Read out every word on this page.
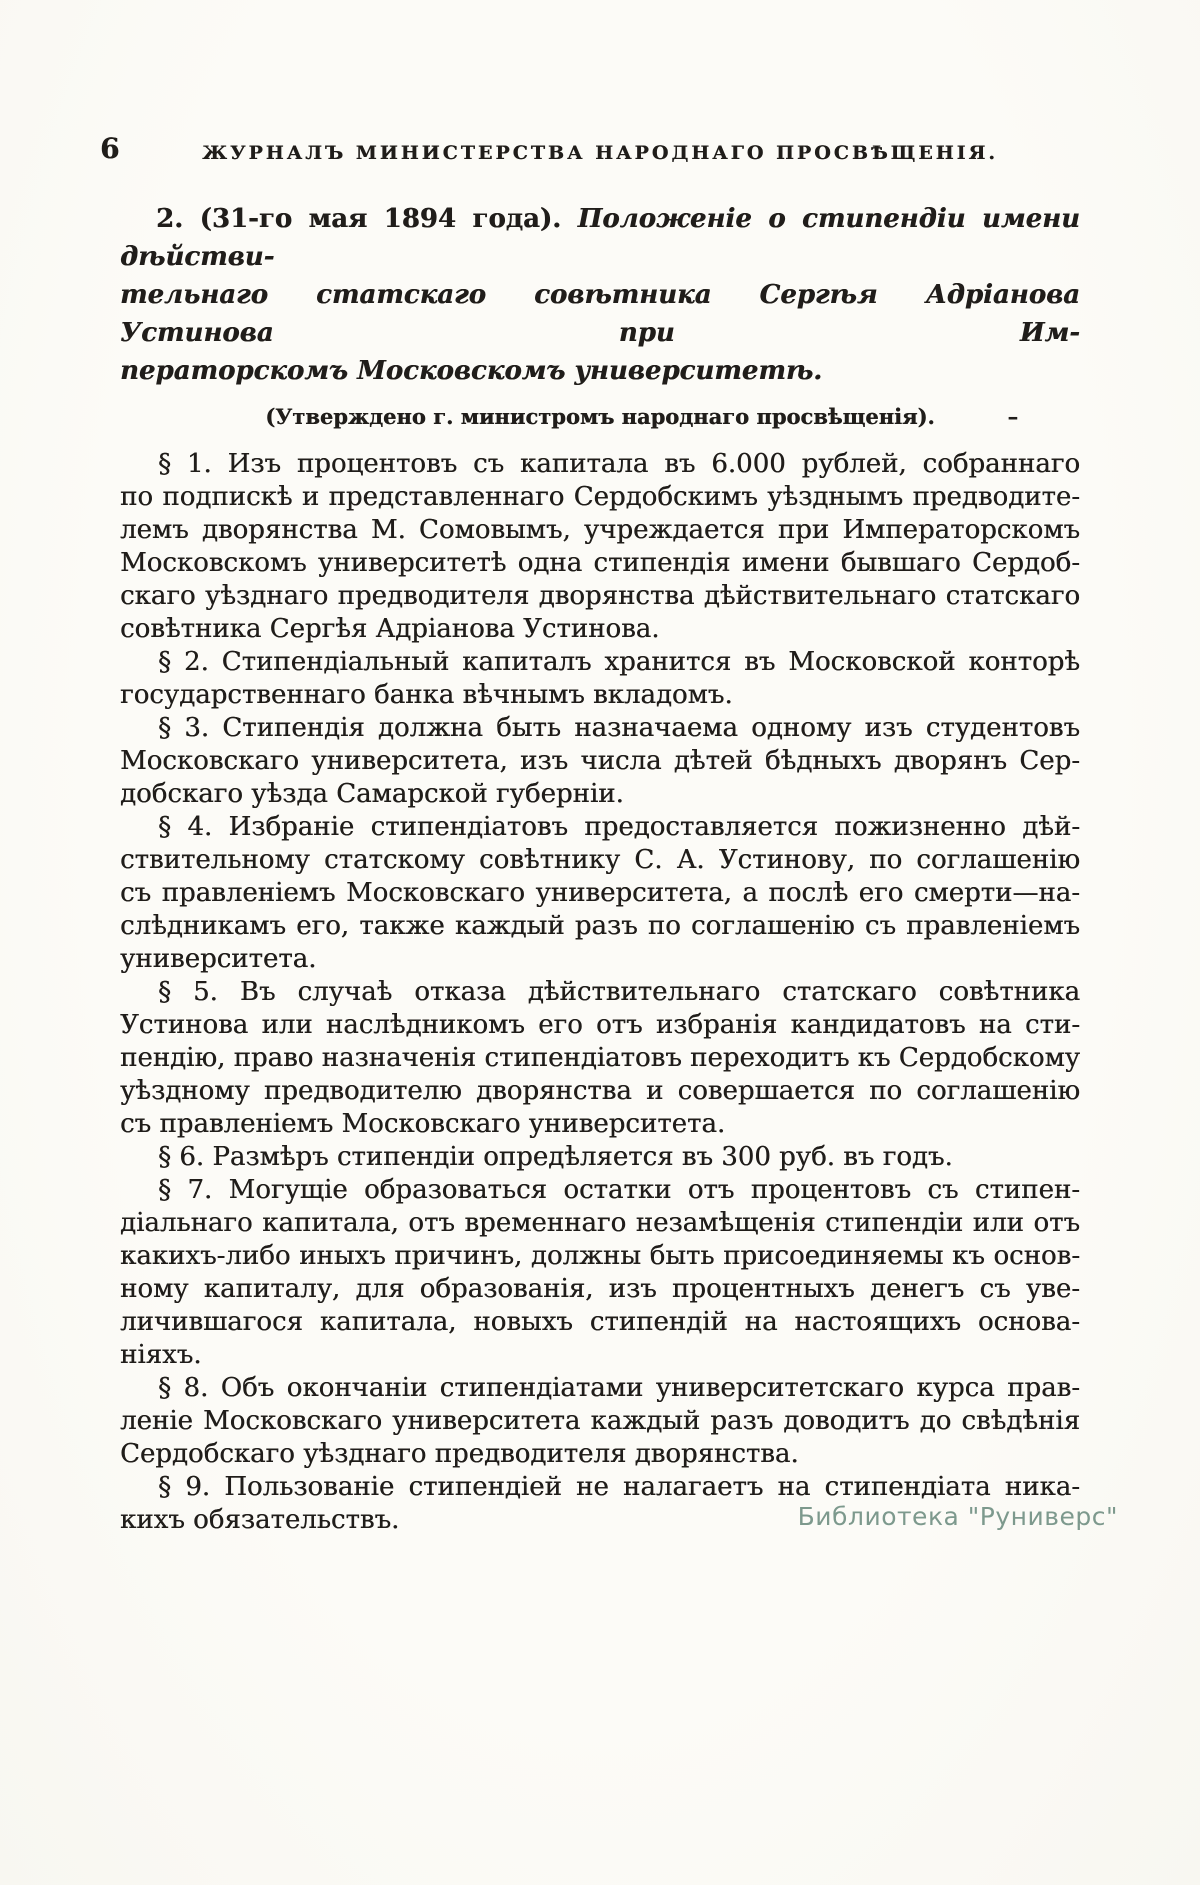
6	ЖУРНАЛЪ МИНИСТЕРСТВА НАРОДНАГО ПРОСВѢЩЕНІЯ.
2. (31-го мая 1894 года). Положеніе о стипендіи имени дѣйстви-
тельнаго статскаго совѣтника Сергѣя Адріанова Устинова при Им-
ператорскомъ Московскомъ университетѣ.
(Утверждено г. министромъ народнаго просвѣщенія).	–
§ 1. Изъ процентовъ съ капитала въ 6.000 рублей, собраннаго
по подпискѣ и представленнаго Сердобскимъ уѣзднымъ предводите-
лемъ дворянства М. Сомовымъ, учреждается при Императорскомъ
Московскомъ университетѣ одна стипендія имени бывшаго Сердоб-
скаго уѣзднаго предводителя дворянства дѣйствительнаго статскаго
совѣтника Сергѣя Адріанова Устинова.
§ 2. Стипендіальный капиталъ хранится въ Московской конторѣ
государственнаго банка вѣчнымъ вкладомъ.
§ 3. Стипендія должна быть назначаема одному изъ студентовъ
Московскаго университета, изъ числа дѣтей бѣдныхъ дворянъ Сер-
добскаго уѣзда Самарской губерніи.
§ 4. Избраніе стипендіатовъ предоставляется пожизненно дѣй-
ствительному статскому совѣтнику С. А. Устинову, по соглашенію
съ правленіемъ Московскаго университета, а послѣ его смерти—на-
слѣдникамъ его, также каждый разъ по соглашенію съ правленіемъ
университета.
§ 5. Въ случаѣ отказа дѣйствительнаго статскаго совѣтника
Устинова или наслѣдникомъ его отъ избранія кандидатовъ на сти-
пендію, право назначенія стипендіатовъ переходитъ къ Сердобскому
уѣздному предводителю дворянства и совершается по соглашенію
съ правленіемъ Московскаго университета.
§ 6. Размѣръ стипендіи опредѣляется въ 300 руб. въ годъ.
§ 7. Могущіе образоваться остатки отъ процентовъ съ стипен-
діальнаго капитала, отъ временнаго незамѣщенія стипендіи или отъ
какихъ-либо иныхъ причинъ, должны быть присоединяемы къ основ-
ному капиталу, для образованія, изъ процентныхъ денегъ съ уве-
личившагося капитала, новыхъ стипендій на настоящихъ основа-
ніяхъ.
§ 8. Объ окончаніи стипендіатами университетскаго курса прав-
леніе Московскаго университета каждый разъ доводитъ до свѣдѣнія
Сердобскаго уѣзднаго предводителя дворянства.
§ 9. Пользованіе стипендіей не налагаетъ на стипендіата ника-
кихъ обязательствъ.	Библиотека "Руниверс"
